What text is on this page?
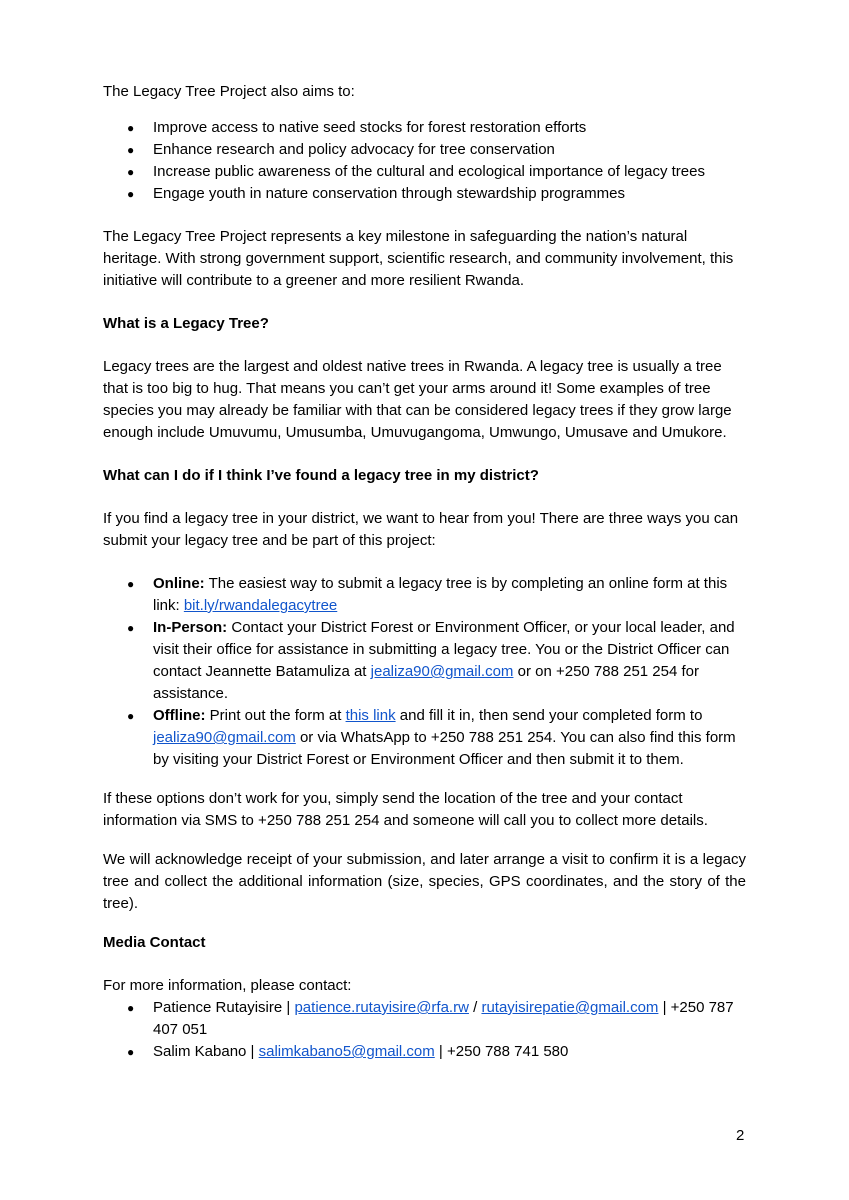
The Legacy Tree Project also aims to:

● Improve access to native seed stocks for forest restoration efforts
● Enhance research and policy advocacy for tree conservation
● Increase public awareness of the cultural and ecological importance of legacy trees
● Engage youth in nature conservation through stewardship programmes

The Legacy Tree Project represents a key milestone in safeguarding the nation’s natural heritage. With strong government support, scientific research, and community involvement, this initiative will contribute to a greener and more resilient Rwanda.

What is a Legacy Tree?

Legacy trees are the largest and oldest native trees in Rwanda. A legacy tree is usually a tree that is too big to hug. That means you can’t get your arms around it! Some examples of tree species you may already be familiar with that can be considered legacy trees if they grow large enough include Umuvumu, Umusumba, Umuvugangoma, Umwungo, Umusave and Umukore.

What can I do if I think I’ve found a legacy tree in my district?

If you find a legacy tree in your district, we want to hear from you! There are three ways you can submit your legacy tree and be part of this project:

● Online: The easiest way to submit a legacy tree is by completing an online form at this link: bit.ly/rwandalegacytree
● In-Person: Contact your District Forest or Environment Officer, or your local leader, and visit their office for assistance in submitting a legacy tree. You or the District Officer can contact Jeannette Batamuliza at jealiza90@gmail.com or on +250 788 251 254 for assistance.
● Offline: Print out the form at this link and fill it in, then send your completed form to jealiza90@gmail.com or via WhatsApp to +250 788 251 254. You can also find this form by visiting your District Forest or Environment Officer and then submit it to them.

If these options don’t work for you, simply send the location of the tree and your contact information via SMS to +250 788 251 254 and someone will call you to collect more details.

We will acknowledge receipt of your submission, and later arrange a visit to confirm it is a legacy tree and collect the additional information (size, species, GPS coordinates, and the story of the tree).

Media Contact

For more information, please contact:

● Patience Rutayisire | patience.rutayisire@rfa.rw / rutayisirepatie@gmail.com | +250 787 407 051
● Salim Kabano | salimkabano5@gmail.com | +250 788 741 580
2
